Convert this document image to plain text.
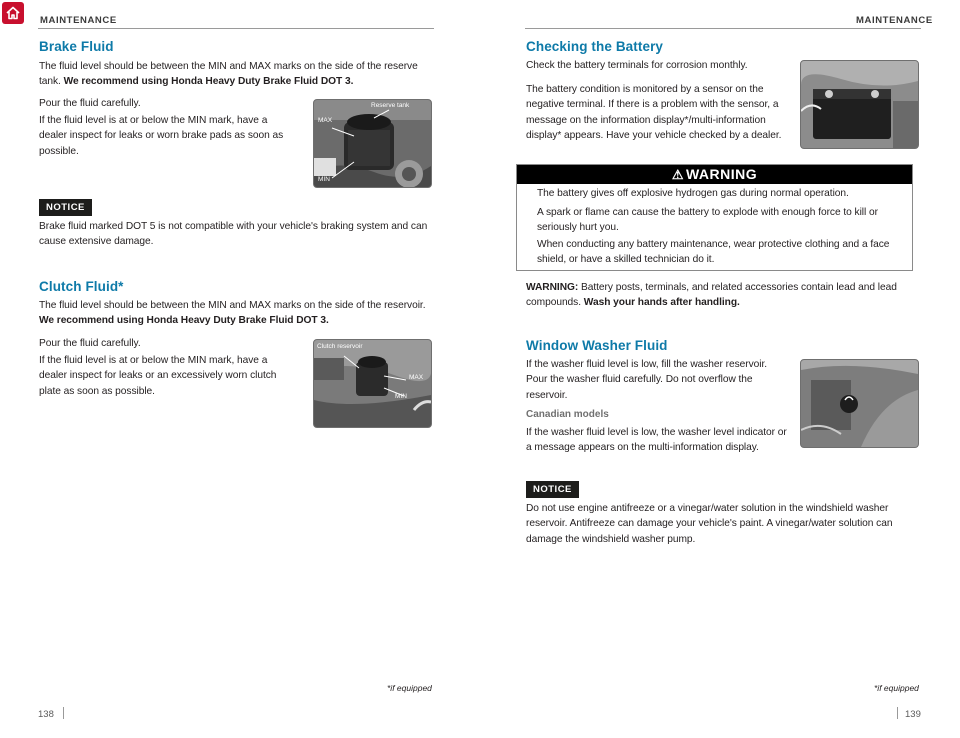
MAINTENANCE
Brake Fluid

The fluid level should be between the MIN and MAX marks on the side of the reserve tank. We recommend using Honda Heavy Duty Brake Fluid DOT 3.

Pour the fluid carefully.

If the fluid level is at or below the MIN mark, have a dealer inspect for leaks or worn brake pads as soon as possible.

Reserve tank
MAX
MIN
NOTICE

Brake fluid marked DOT 5 is not compatible with your vehicle's braking system and can cause extensive damage.

Clutch Fluid*

The fluid level should be between the MIN and MAX marks on the side of the reservoir. We recommend using Honda Heavy Duty Brake Fluid DOT 3.

Pour the fluid carefully.

If the fluid level is at or below the MIN mark, have a dealer inspect for leaks or an excessively worn clutch plate as soon as possible.

Clutch reservoir
MAX
MIN
*if equipped
138
MAINTENANCE
Checking the Battery

Check the battery terminals for corrosion monthly.

The battery condition is monitored by a sensor on the negative terminal. If there is a problem with the sensor, a message on the information display*/multi-information display* appears. Have your vehicle checked by a dealer.

⚠ WARNING

The battery gives off explosive hydrogen gas during normal operation.

A spark or flame can cause the battery to explode with enough force to kill or seriously hurt you.

When conducting any battery maintenance, wear protective clothing and a face shield, or have a skilled technician do it.

WARNING: Battery posts, terminals, and related accessories contain lead and lead compounds. Wash your hands after handling.

Window Washer Fluid

If the washer fluid level is low, fill the washer reservoir. Pour the washer fluid carefully. Do not overflow the reservoir.

Canadian models

If the washer fluid level is low, the washer level indicator or a message appears on the multi-information display.

NOTICE

Do not use engine antifreeze or a vinegar/water solution in the windshield washer reservoir. Antifreeze can damage your vehicle's paint. A vinegar/water solution can damage the windshield washer pump.

*if equipped
139
